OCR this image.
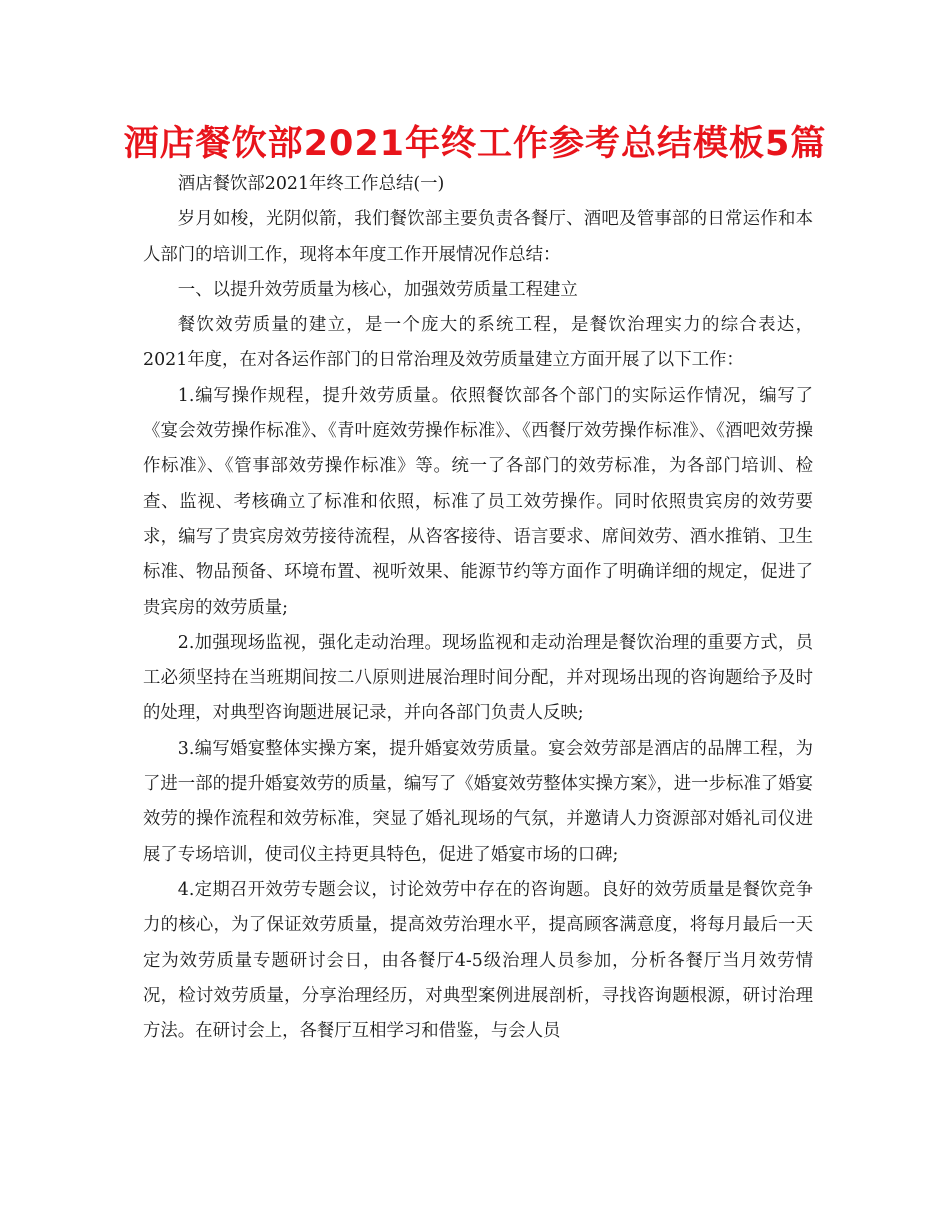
酒店餐饮部2021年终工作参考总结模板5篇

酒店餐饮部2021年终工作总结(一)

岁月如梭，光阴似箭，我们餐饮部主要负责各餐厅、酒吧及管事部的日常运作和本人部门的培训工作，现将本年度工作开展情况作总结：

一、以提升效劳质量为核心，加强效劳质量工程建立

餐饮效劳质量的建立，是一个庞大的系统工程，是餐饮治理实力的综合表达，2021年度，在对各运作部门的日常治理及效劳质量建立方面开展了以下工作：

1.编写操作规程，提升效劳质量。依照餐饮部各个部门的实际运作情况，编写了《宴会效劳操作标准》、《青叶庭效劳操作标准》、《西餐厅效劳操作标准》、《酒吧效劳操作标准》、《管事部效劳操作标准》等。统一了各部门的效劳标准，为各部门培训、检查、监视、考核确立了标准和依照，标准了员工效劳操作。同时依照贵宾房的效劳要求，编写了贵宾房效劳接待流程，从咨客接待、语言要求、席间效劳、酒水推销、卫生标准、物品预备、环境布置、视听效果、能源节约等方面作了明确详细的规定，促进了贵宾房的效劳质量;

2.加强现场监视，强化走动治理。现场监视和走动治理是餐饮治理的重要方式，员工必须坚持在当班期间按二八原则进展治理时间分配，并对现场出现的咨询题给予及时的处理，对典型咨询题进展记录，并向各部门负责人反映;

3.编写婚宴整体实操方案，提升婚宴效劳质量。宴会效劳部是酒店的品牌工程，为了进一部的提升婚宴效劳的质量，编写了《婚宴效劳整体实操方案》，进一步标准了婚宴效劳的操作流程和效劳标准，突显了婚礼现场的气氛，并邀请人力资源部对婚礼司仪进展了专场培训，使司仪主持更具特色，促进了婚宴市场的口碑;

4.定期召开效劳专题会议，讨论效劳中存在的咨询题。良好的效劳质量是餐饮竞争力的核心，为了保证效劳质量，提高效劳治理水平，提高顾客满意度，将每月最后一天定为效劳质量专题研讨会日，由各餐厅4-5级治理人员参加，分析各餐厅当月效劳情况，检讨效劳质量，分享治理经历，对典型案例进展剖析，寻找咨询题根源，研讨治理方法。在研讨会上，各餐厅互相学习和借鉴，与会人员
